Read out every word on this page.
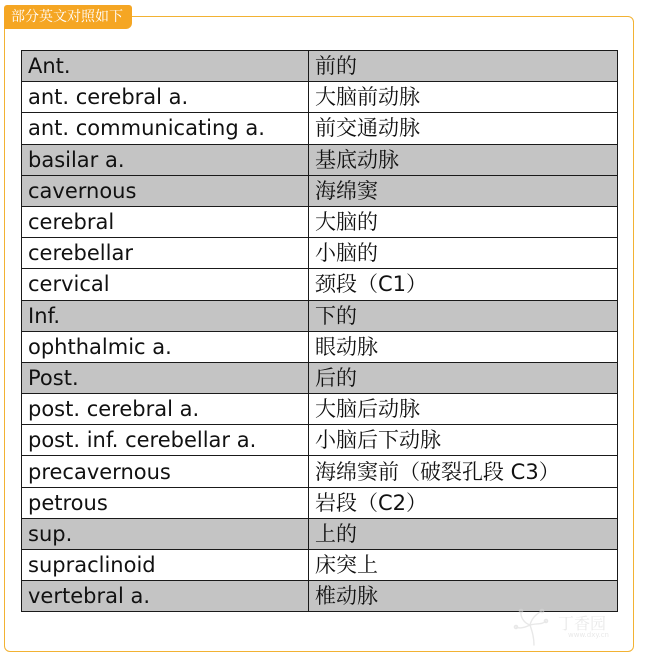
部分英文对照如下
Ant.	前的
ant. cerebral a.	大脑前动脉
ant. communicating a.	前交通动脉
basilar a.	基底动脉
cavernous	海绵窦
cerebral	大脑的
cerebellar	小脑的
cervical	颈段（C1）
Inf.	下的
ophthalmic a.	眼动脉
Post.	后的
post. cerebral a.	大脑后动脉
post. inf. cerebellar a.	小脑后下动脉
precavernous	海绵窦前（破裂孔段 C3）
petrous	岩段（C2）
sup.	上的
supraclinoid	床突上
vertebral a.	椎动脉
丁香园
www.dxy.cn
